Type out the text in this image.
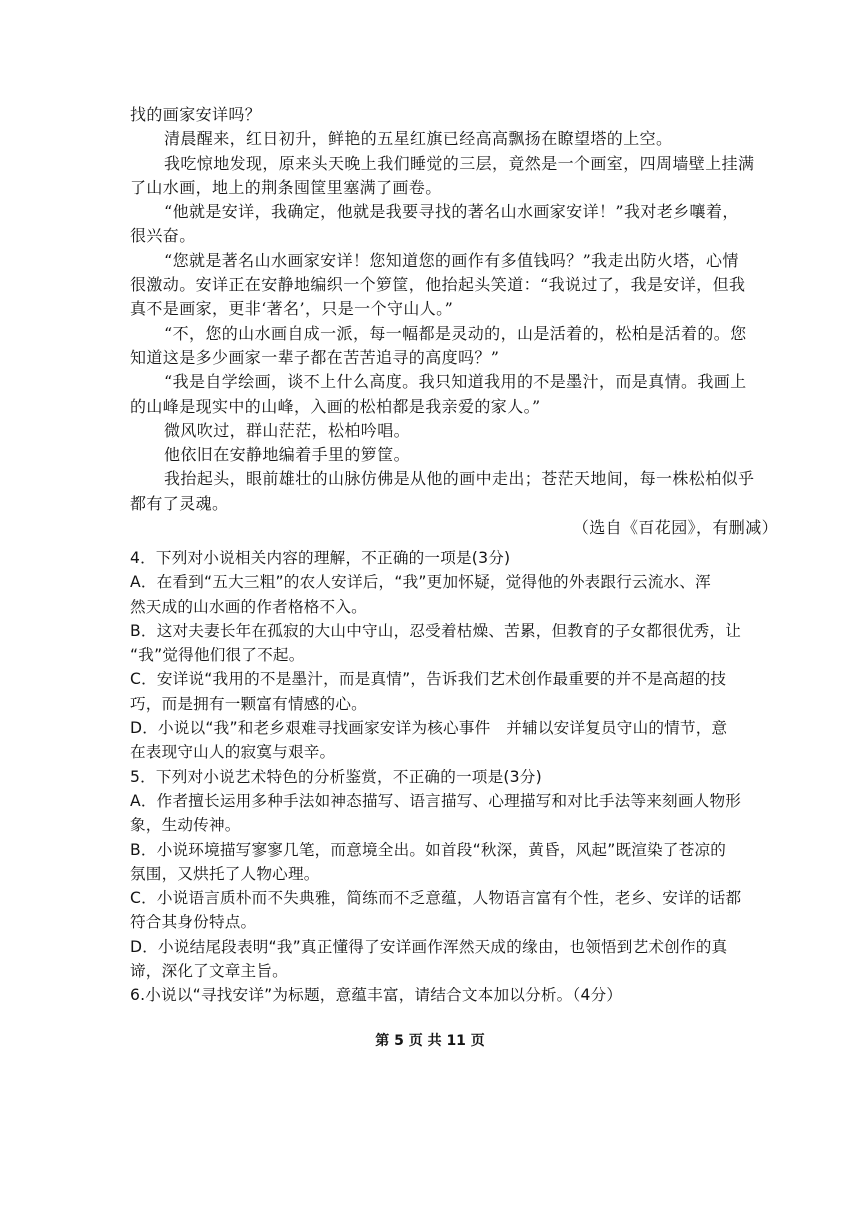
找的画家安详吗？
清晨醒来，红日初升，鲜艳的五星红旗已经高高飘扬在瞭望塔的上空。
我吃惊地发现，原来头天晚上我们睡觉的三层，竟然是一个画室，四周墙壁上挂满
了山水画，地上的荆条囤筐里塞满了画卷。
“他就是安详，我确定，他就是我要寻找的著名山水画家安详！”我对老乡嚷着，
很兴奋。
“您就是著名山水画家安详！您知道您的画作有多值钱吗？”我走出防火塔，心情
很激动。安详正在安静地编织一个箩筐，他抬起头笑道：“我说过了，我是安详，但我
真不是画家，更非‘著名’，只是一个守山人。”
“不，您的山水画自成一派，每一幅都是灵动的，山是活着的，松柏是活着的。您
知道这是多少画家一辈子都在苦苦追寻的高度吗？”
“我是自学绘画，谈不上什么高度。我只知道我用的不是墨汁，而是真情。我画上
的山峰是现实中的山峰，入画的松柏都是我亲爱的家人。”
微风吹过，群山茫茫，松柏吟唱。
他依旧在安静地编着手里的箩筐。
我抬起头，眼前雄壮的山脉仿佛是从他的画中走出；苍茫天地间，每一株松柏似乎
都有了灵魂。
（选自《百花园》，有删减）
4．下列对小说相关内容的理解，不正确的一项是(3分)
A．在看到“五大三粗”的农人安详后，“我”更加怀疑，觉得他的外表跟行云流水、浑
然天成的山水画的作者格格不入。
B．这对夫妻长年在孤寂的大山中守山，忍受着枯燥、苦累，但教育的子女都很优秀，让
“我”觉得他们很了不起。
C．安详说“我用的不是墨汁，而是真情”，告诉我们艺术创作最重要的并不是高超的技
巧，而是拥有一颗富有情感的心。
D．小说以“我”和老乡艰难寻找画家安详为核心事件　并辅以安详复员守山的情节，意
在表现守山人的寂寞与艰辛。
5．下列对小说艺术特色的分析鉴赏，不正确的一项是(3分)
A．作者擅长运用多种手法如神态描写、语言描写、心理描写和对比手法等来刻画人物形
象，生动传神。
B．小说环境描写寥寥几笔，而意境全出。如首段“秋深，黄昏，风起”既渲染了苍凉的
氛围，又烘托了人物心理。
C．小说语言质朴而不失典雅，简练而不乏意蕴，人物语言富有个性，老乡、安详的话都
符合其身份特点。
D．小说结尾段表明“我”真正懂得了安详画作浑然天成的缘由，也领悟到艺术创作的真
谛，深化了文章主旨。
6.小说以“寻找安详”为标题，意蕴丰富，请结合文本加以分析。（4分）
第 5 页 共 11 页
